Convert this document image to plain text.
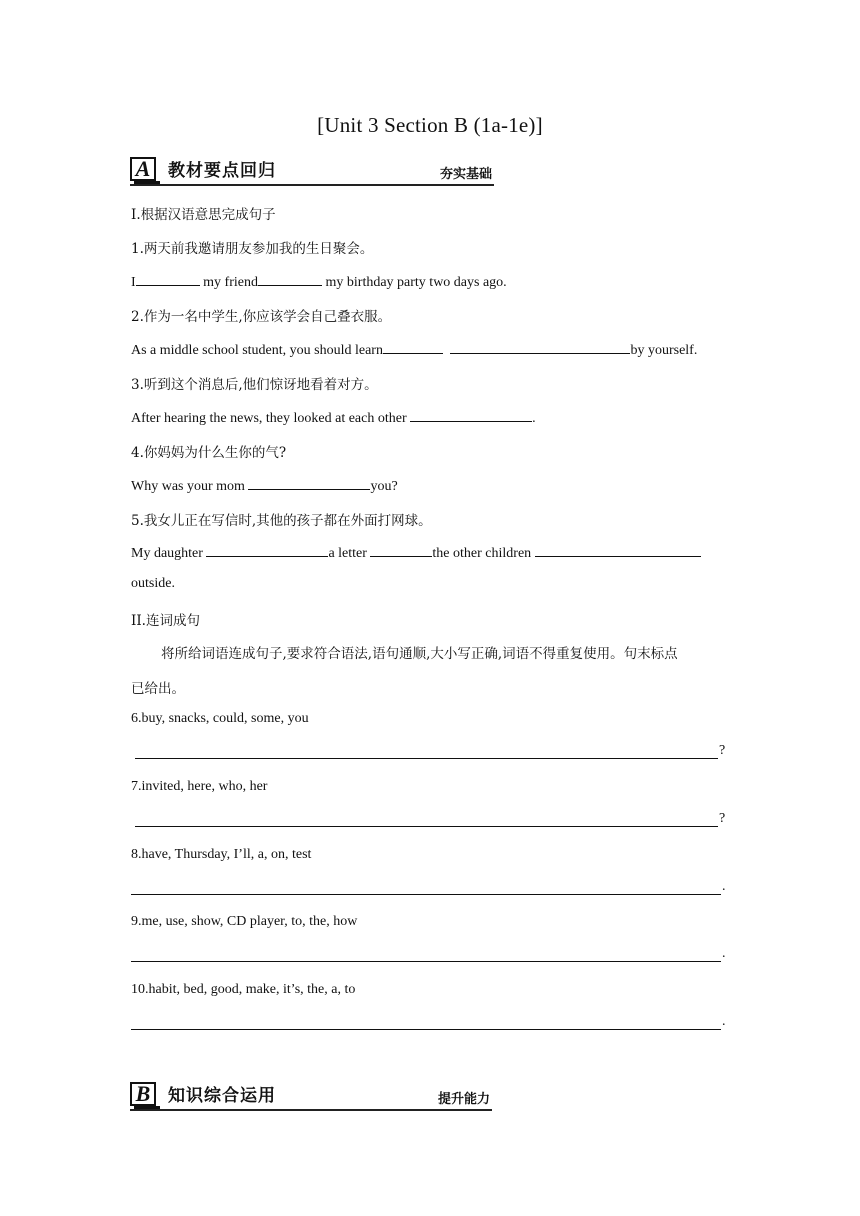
[Unit 3 Section B (1a-1e)]
A	教材要点回归	夯实基础
I.根据汉语意思完成句子
1.两天前我邀请朋友参加我的生日聚会。
I	my friend	my birthday party two days ago.
2.作为一名中学生,你应该学会自己叠衣服。
As a middle school student, you should learn	by yourself.
3.听到这个消息后,他们惊讶地看着对方。
After hearing the news, they looked at each other	.
4.你妈妈为什么生你的气?
Why was your mom	you?
5.我女儿正在写信时,其他的孩子都在外面打网球。
My daughter	a letter	the other children
outside.
II.连词成句
将所给词语连成句子,要求符合语法,语句通顺,大小写正确,词语不得重复使用。句末标点
已给出。
6.buy, snacks, could, some, you
?
7.invited, here, who, her
?
8.have, Thursday, I’ll, a, on, test
.
9.me, use, show, CD player, to, the, how
.
10.habit, bed, good, make, it’s, the, a, to
.
B	知识综合运用	提升能力
